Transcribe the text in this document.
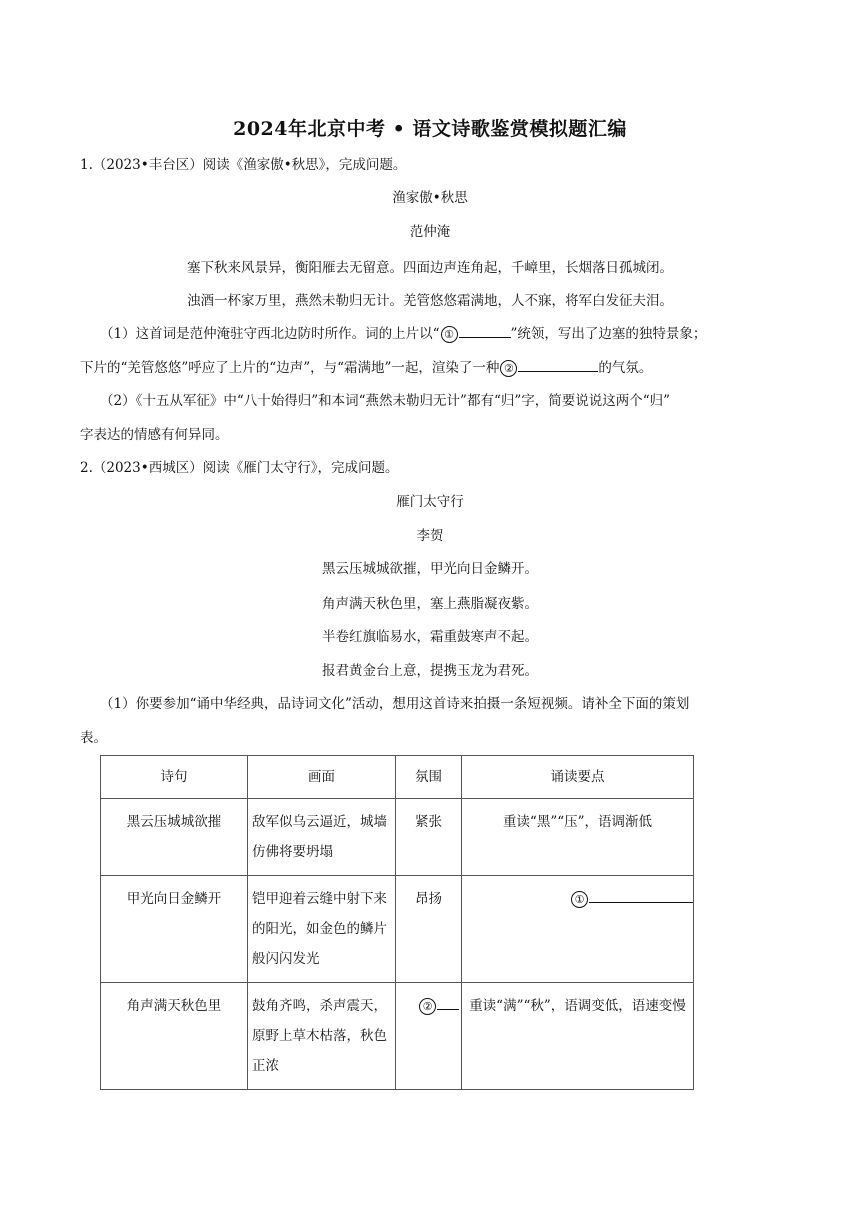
2024年北京中考 • 语文诗歌鉴赏模拟题汇编
1.（2023•丰台区）阅读《渔家傲•秋思》，完成问题。
渔家傲•秋思
范仲淹
塞下秋来风景异，衡阳雁去无留意。四面边声连角起，千嶂里，长烟落日孤城闭。
浊酒一杯家万里，燕然未勒归无计。羌管悠悠霜满地，人不寐，将军白发征夫泪。
（1）这首词是范仲淹驻守西北边防时所作。词的上片以“ ①	”统领，写出了边塞的独特景象；
下片的“羌管悠悠”呼应了上片的“边声”，与“霜满地”一起，渲染了一种 ②	的气氛。
（2）《十五从军征》中“八十始得归”和本词“燕然未勒归无计”都有“归”字，简要说说这两个“归”
字表达的情感有何异同。
2.（2023•西城区）阅读《雁门太守行》，完成问题。
雁门太守行
李贺
黑云压城城欲摧，甲光向日金鳞开。
角声满天秋色里，塞上燕脂凝夜紫。
半卷红旗临易水，霜重鼓寒声不起。
报君黄金台上意，提携玉龙为君死。
（1）你要参加“诵中华经典，品诗词文化”活动，想用这首诗来拍摄一条短视频。请补全下面的策划
表。
诗句	画面	氛围	诵读要点
黑云压城城欲摧	敌军似乌云逼近，城墙仿佛将要坍塌	紧张	重读“黑”“压”，语调渐低
甲光向日金鳞开	铠甲迎着云缝中射下来的阳光，如金色的鳞片般闪闪发光	昂扬	①
角声满天秋色里	鼓角齐鸣，杀声震天，原野上草木枯落，秋色正浓	②	重读“满”“秋”，语调变低，语速变慢
